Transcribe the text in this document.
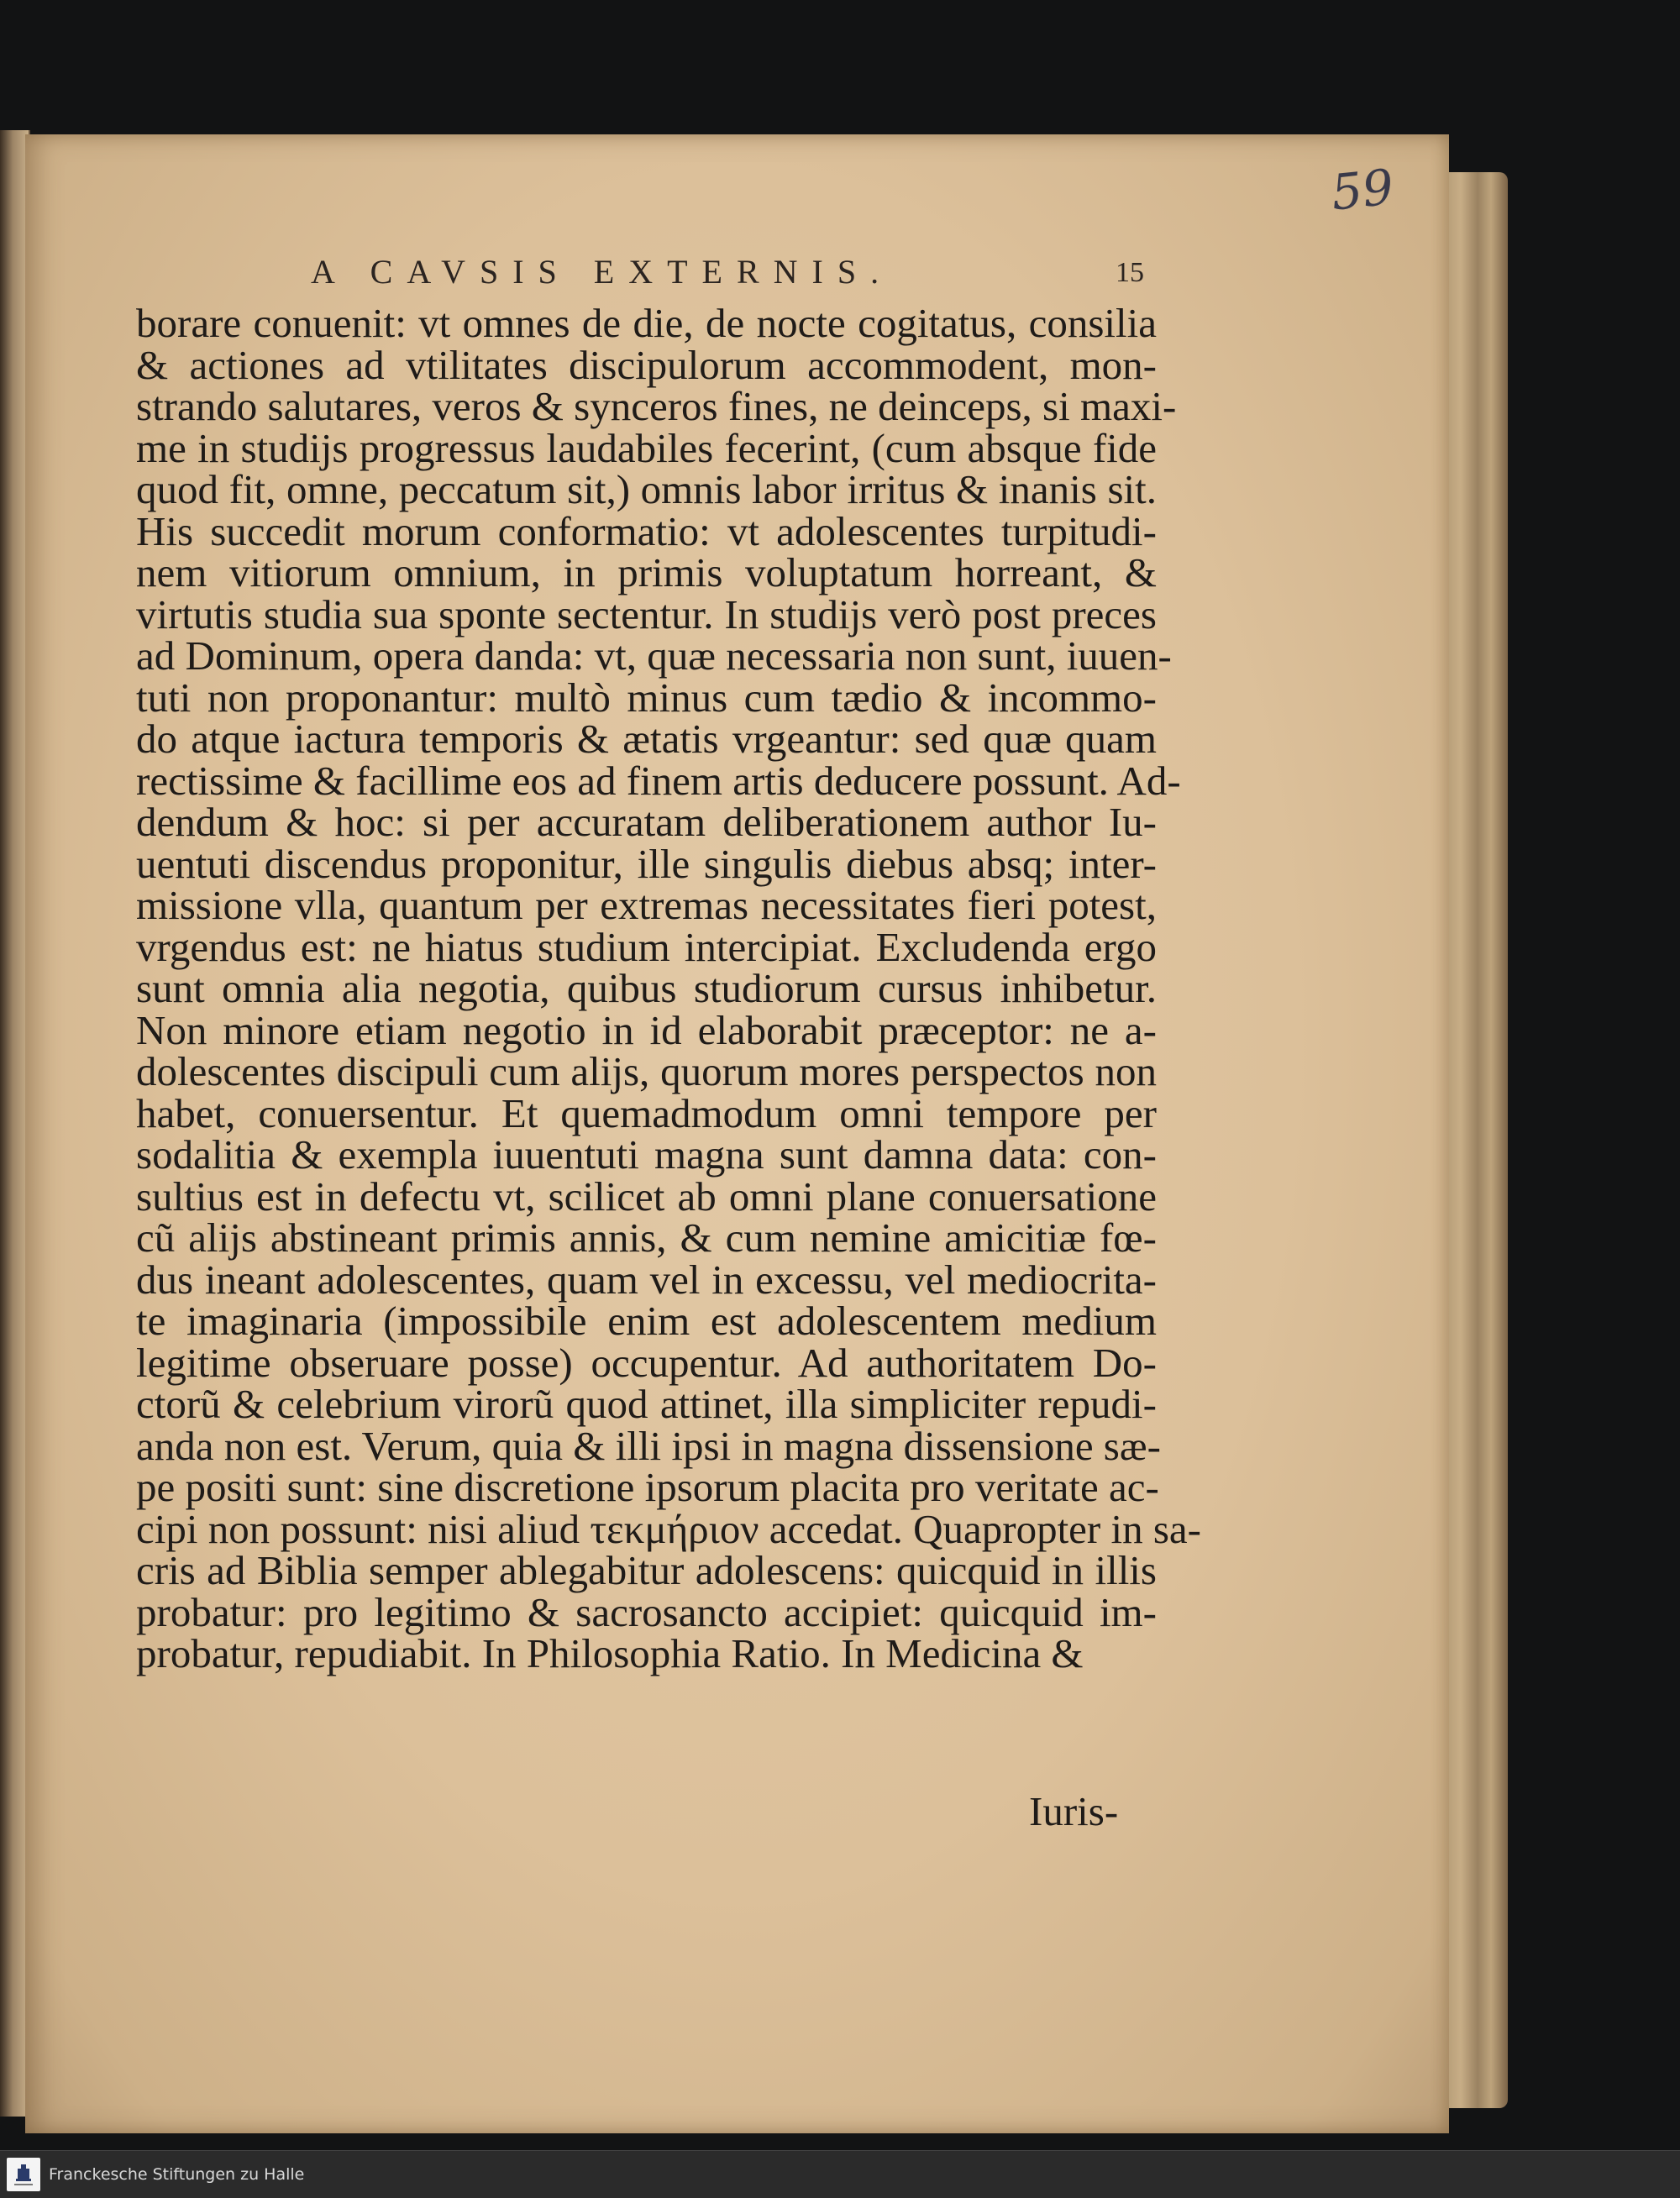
59
A CAVSIS EXTERNIS.	15
borare conuenit: vt omnes de die, de nocte cogitatus, consilia
& actiones ad vtilitates discipulorum accommodent, mon-
strando salutares, veros & synceros fines, ne deinceps, si maxi-
me in studijs progressus laudabiles fecerint, (cum absque fide
quod fit, omne, peccatum sit,) omnis labor irritus & inanis sit.
His succedit morum conformatio: vt adolescentes turpitudi-
nem vitiorum omnium, in primis voluptatum horreant, &
virtutis studia sua sponte sectentur. In studijs verò post preces
ad Dominum, opera danda: vt, quæ necessaria non sunt, iuuen-
tuti non proponantur: multò minus cum tædio & incommo-
do atque iactura temporis & ætatis vrgeantur: sed quæ quam
rectissime & facillime eos ad finem artis deducere possunt. Ad-
dendum & hoc: si per accuratam deliberationem author Iu-
uentuti discendus proponitur, ille singulis diebus absq; inter-
missione vlla, quantum per extremas necessitates fieri potest,
vrgendus est: ne hiatus studium intercipiat. Excludenda ergo
sunt omnia alia negotia, quibus studiorum cursus inhibetur.
Non minore etiam negotio in id elaborabit præceptor: ne a-
dolescentes discipuli cum alijs, quorum mores perspectos non
habet, conuersentur. Et quemadmodum omni tempore per
sodalitia & exempla iuuentuti magna sunt damna data: con-
sultius est in defectu vt, scilicet ab omni plane conuersatione
cũ alijs abstineant primis annis, & cum nemine amicitiæ fœ-
dus ineant adolescentes, quam vel in excessu, vel mediocrita-
te imaginaria (impossibile enim est adolescentem medium
legitime obseruare posse) occupentur. Ad authoritatem Do-
ctorũ & celebrium virorũ quod attinet, illa simpliciter repudi-
anda non est. Verum, quia & illi ipsi in magna dissensione sæ-
pe positi sunt: sine discretione ipsorum placita pro veritate ac-
cipi non possunt: nisi aliud τεκμήριον accedat. Quapropter in sa-
cris ad Biblia semper ablegabitur adolescens: quicquid in illis
probatur: pro legitimo & sacrosancto accipiet: quicquid im-
probatur, repudiabit. In Philosophia Ratio. In Medicina &
Iuris-
Franckesche Stiftungen zu Halle
